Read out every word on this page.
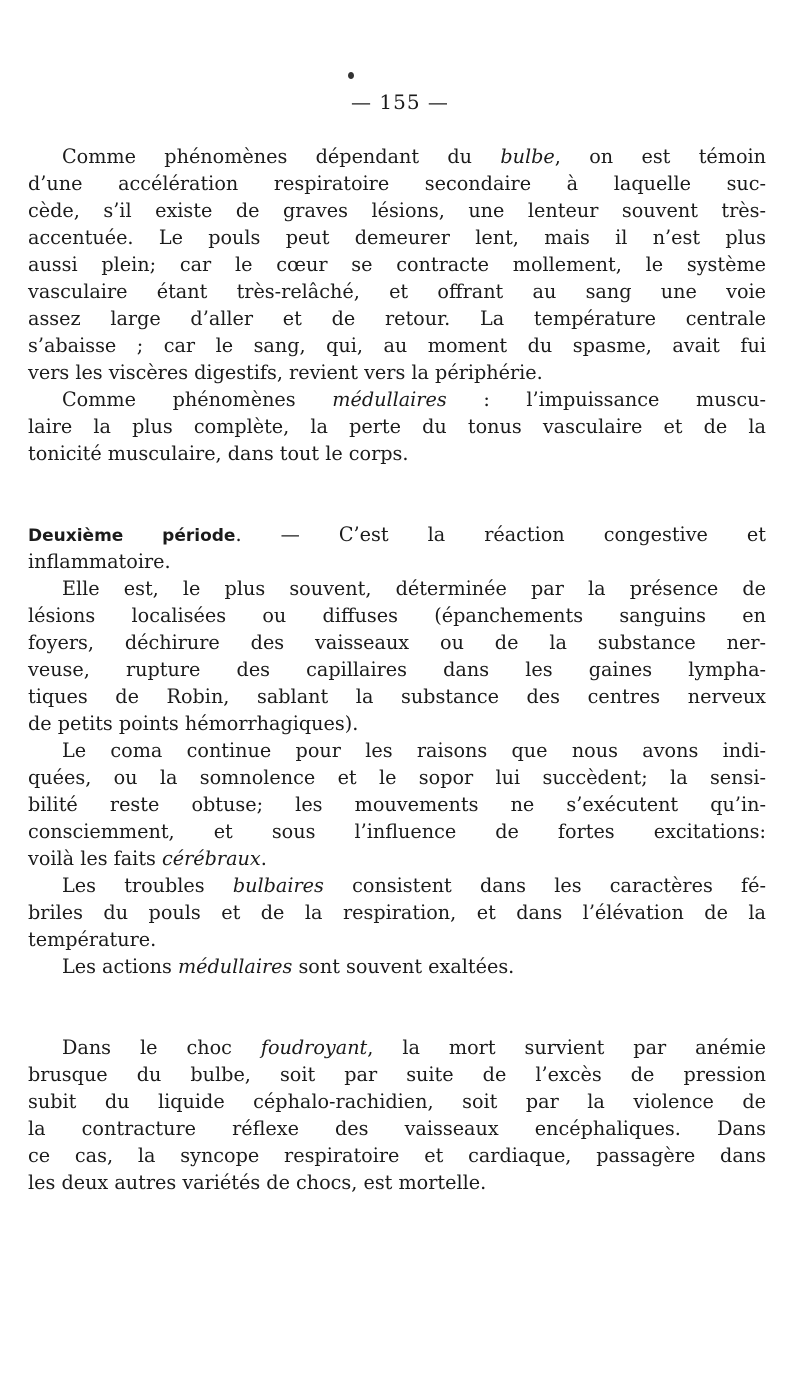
— 155 —
Comme phénomènes dépendant du bulbe, on est témoin
d’une accélération respiratoire secondaire à laquelle suc-
cède, s’il existe de graves lésions, une lenteur souvent très-
accentuée. Le pouls peut demeurer lent, mais il n’est plus
aussi plein; car le cœur se contracte mollement, le système
vasculaire étant très-relâché, et offrant au sang une voie
assez large d’aller et de retour. La température centrale
s’abaisse ; car le sang, qui, au moment du spasme, avait fui
vers les viscères digestifs, revient vers la périphérie.
Comme phénomènes médullaires : l’impuissance muscu-
laire la plus complète, la perte du tonus vasculaire et de la
tonicité musculaire, dans tout le corps.
Deuxième période. — C’est la réaction congestive et
inflammatoire.
Elle est, le plus souvent, déterminée par la présence de
lésions localisées ou diffuses (épanchements sanguins en
foyers, déchirure des vaisseaux ou de la substance ner-
veuse, rupture des capillaires dans les gaines lympha-
tiques de Robin, sablant la substance des centres nerveux
de petits points hémorrhagiques).
Le coma continue pour les raisons que nous avons indi-
quées, ou la somnolence et le sopor lui succèdent; la sensi-
bilité reste obtuse; les mouvements ne s’exécutent qu’in-
consciemment, et sous l’influence de fortes excitations:
voilà les faits cérébraux.
Les troubles bulbaires consistent dans les caractères fé-
briles du pouls et de la respiration, et dans l’élévation de la
température.
Les actions médullaires sont souvent exaltées.
Dans le choc foudroyant, la mort survient par anémie
brusque du bulbe, soit par suite de l’excès de pression
subit du liquide céphalo-rachidien, soit par la violence de
la contracture réflexe des vaisseaux encéphaliques. Dans
ce cas, la syncope respiratoire et cardiaque, passagère dans
les deux autres variétés de chocs, est mortelle.
